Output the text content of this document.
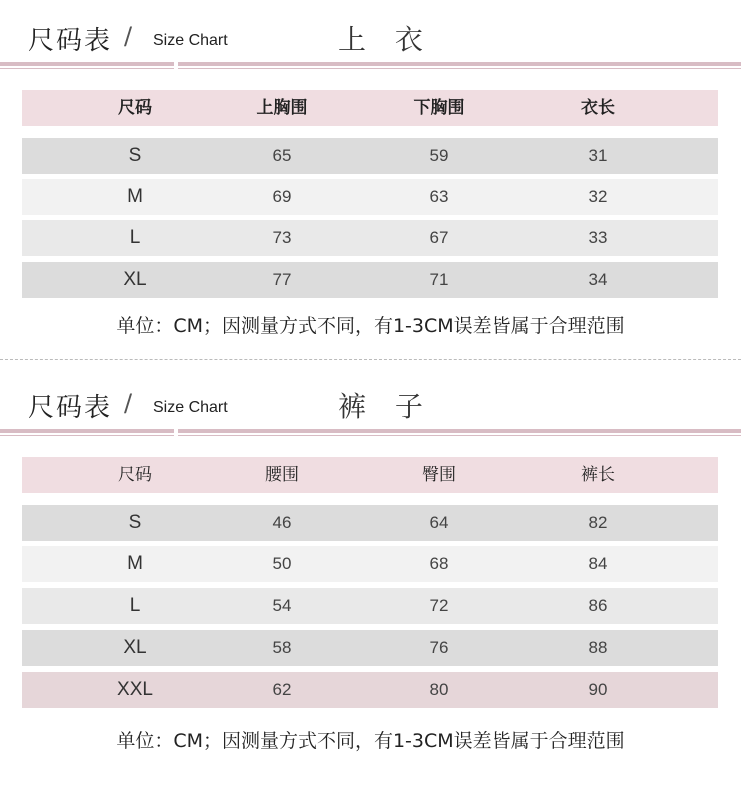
尺码表 / Size Chart	上 衣
尺码	上胸围	下胸围	衣长
S	65	59	31
M	69	63	32
L	73	67	33
XL	77	71	34
单位：CM；因测量方式不同，有1-3CM误差皆属于合理范围
尺码表 / Size Chart	裤 子
尺码	腰围	臀围	裤长
S	46	64	82
M	50	68	84
L	54	72	86
XL	58	76	88
XXL	62	80	90
单位：CM；因测量方式不同，有1-3CM误差皆属于合理范围
